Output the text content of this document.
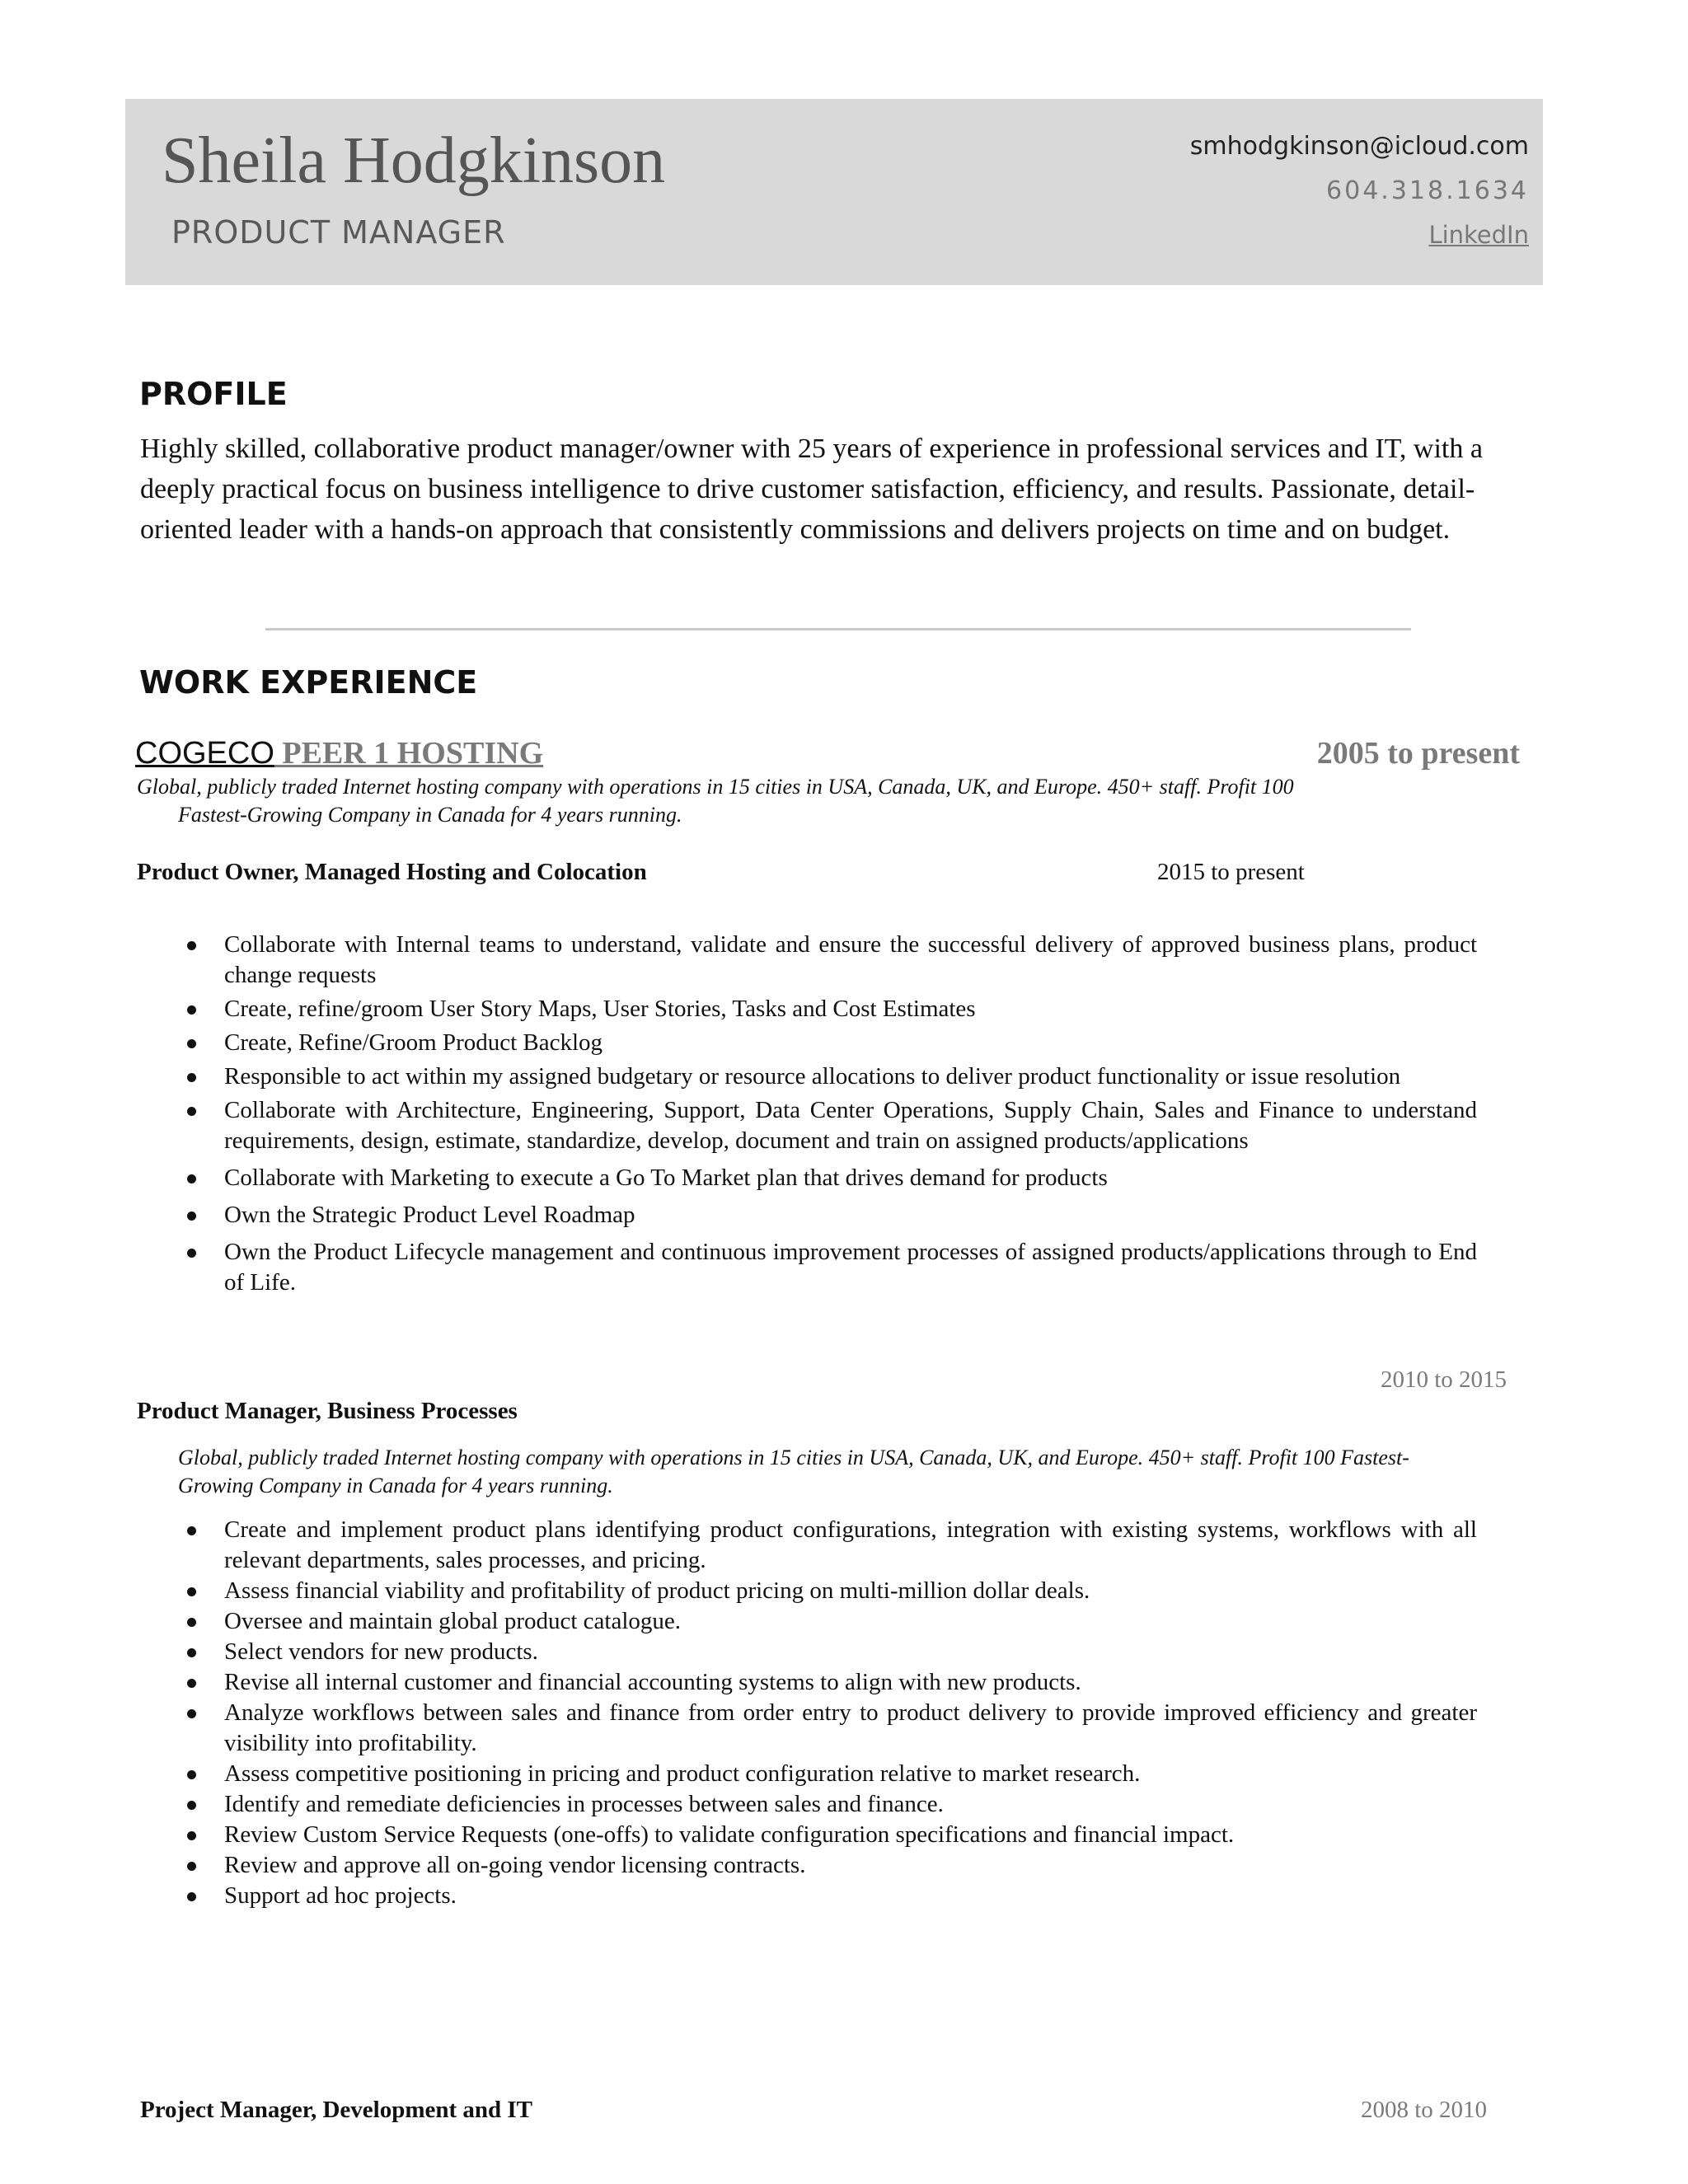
Sheila Hodgkinson
PRODUCT MANAGER
smhodgkinson@icloud.com
604.318.1634
LinkedIn
PROFILE
Highly skilled, collaborative product manager/owner with 25 years of experience in professional services and IT, with a deeply practical focus on business intelligence to drive customer satisfaction, efficiency, and results. Passionate, detail-oriented leader with a hands-on approach that consistently commissions and delivers projects on time and on budget.
WORK EXPERIENCE
COGECO PEER 1 HOSTING	2005 to present
Global, publicly traded Internet hosting company with operations in 15 cities in USA, Canada, UK, and Europe. 450+ staff. Profit 100
Fastest-Growing Company in Canada for 4 years running.
Product Owner, Managed Hosting and Colocation	2015 to present
Collaborate with Internal teams to understand, validate and ensure the successful delivery of approved business plans, product change requests
Create, refine/groom User Story Maps, User Stories, Tasks and Cost Estimates
Create, Refine/Groom Product Backlog
Responsible to act within my assigned budgetary or resource allocations to deliver product functionality or issue resolution
Collaborate with Architecture, Engineering, Support, Data Center Operations, Supply Chain, Sales and Finance to understand requirements, design, estimate, standardize, develop, document and train on assigned products/applications
Collaborate with Marketing to execute a Go To Market plan that drives demand for products
Own the Strategic Product Level Roadmap
Own the Product Lifecycle management and continuous improvement processes of assigned products/applications through to End of Life.
2010 to 2015
Product Manager, Business Processes
Global, publicly traded Internet hosting company with operations in 15 cities in USA, Canada, UK, and Europe. 450+ staff. Profit 100 Fastest-Growing Company in Canada for 4 years running.
Create and implement product plans identifying product configurations, integration with existing systems, workflows with all relevant departments, sales processes, and pricing.
Assess financial viability and profitability of product pricing on multi-million dollar deals.
Oversee and maintain global product catalogue.
Select vendors for new products.
Revise all internal customer and financial accounting systems to align with new products.
Analyze workflows between sales and finance from order entry to product delivery to provide improved efficiency and greater visibility into profitability.
Assess competitive positioning in pricing and product configuration relative to market research.
Identify and remediate deficiencies in processes between sales and finance.
Review Custom Service Requests (one-offs) to validate configuration specifications and financial impact.
Review and approve all on-going vendor licensing contracts.
Support ad hoc projects.
Project Manager, Development and IT	2008 to 2010
